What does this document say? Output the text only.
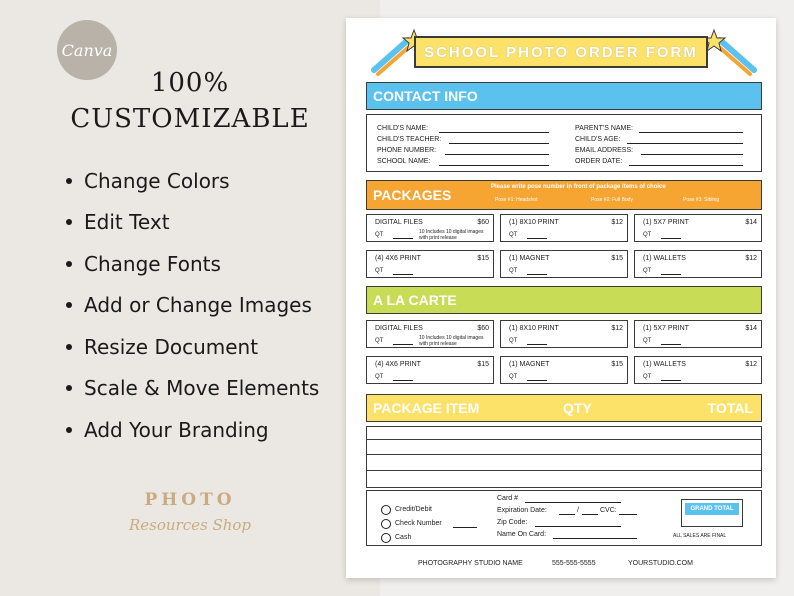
Canva
100%
CUSTOMIZABLE
Change Colors
Edit Text
Change Fonts
Add or Change Images
Resize Document
Scale & Move Elements
Add Your Branding
PHOTO
Resources Shop
SCHOOL PHOTO ORDER FORM
CONTACT INFO
CHILD'S NAME:
CHILD'S TEACHER:
PHONE NUMBER:
SCHOOL NAME:
PARENT'S NAME:
CHILD'S AGE:
EMAIL ADDRESS:
ORDER DATE:
PACKAGES	Please write pose number in front of package items of choice
Pose #1: Headshot	Pose #2: Full Body	Pose #3: Sibling
DIGITAL FILES	$60
QT	10 Includes 10 digital images with print release
(1) 8X10 PRINT	$12
QT
(1) 5X7 PRINT	$14
QT
(4) 4X6 PRINT	$15
QT
(1) MAGNET	$15
QT
(1) WALLETS	$12
QT
A LA CARTE
DIGITAL FILES	$60
QT	10 Includes 10 digital images with print release
(1) 8X10 PRINT	$12
QT
(1) 5X7 PRINT	$14
QT
(4) 4X6 PRINT	$15
QT
(1) MAGNET	$15
QT
(1) WALLETS	$12
QT
PACKAGE ITEM	QTY	TOTAL
Credit/Debit
Check Number
Cash
Card #
Expiration Date:	/	CVC:
Zip Code:
Name On Card:
GRAND TOTAL
ALL SALES ARE FINAL
PHOTOGRAPHY STUDIO NAME	555-555-5555	YOURSTUDIO.COM
